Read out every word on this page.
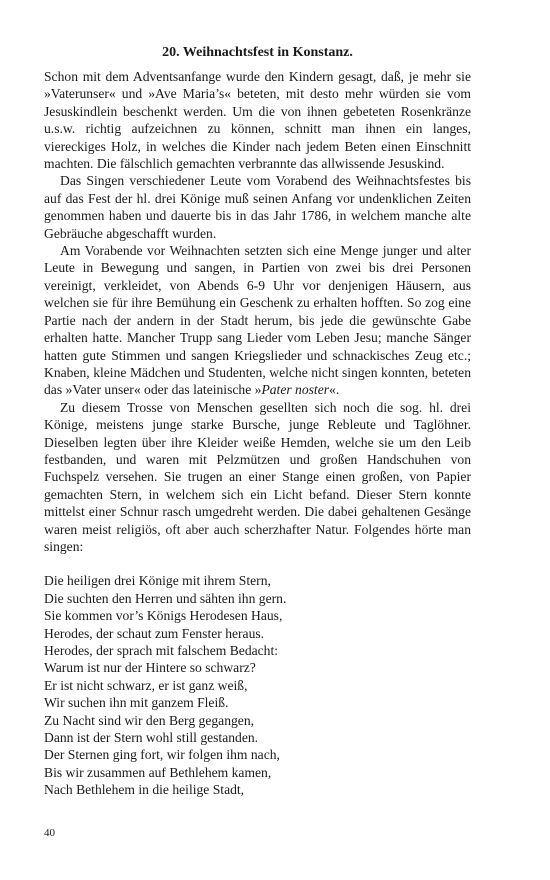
20. Weihnachtsfest in Konstanz.

Schon mit dem Adventsanfange wurde den Kindern gesagt, daß, je mehr sie »Vaterunser« und »Ave Maria’s« beteten, mit desto mehr würden sie vom Jesuskindlein beschenkt werden. Um die von ihnen gebeteten Rosenkränze u.s.w. richtig aufzeichnen zu können, schnitt man ihnen ein langes, viereckiges Holz, in welches die Kinder nach jedem Beten einen Einschnitt machten. Die fälschlich gemachten verbrannte das allwissende Jesuskind.

Das Singen verschiedener Leute vom Vorabend des Weihnachtsfestes bis auf das Fest der hl. drei Könige muß seinen Anfang vor undenklichen Zeiten genommen haben und dauerte bis in das Jahr 1786, in welchem manche alte Gebräuche abgeschafft wurden.

Am Vorabende vor Weihnachten setzten sich eine Menge junger und alter Leute in Bewegung und sangen, in Partien von zwei bis drei Personen vereinigt, verkleidet, von Abends 6-9 Uhr vor denjenigen Häusern, aus welchen sie für ihre Bemühung ein Geschenk zu erhalten hofften. So zog eine Partie nach der andern in der Stadt herum, bis jede die gewünschte Gabe erhalten hatte. Mancher Trupp sang Lieder vom Leben Jesu; manche Sänger hatten gute Stimmen und sangen Kriegslieder und schnackisches Zeug etc.; Knaben, kleine Mädchen und Studenten, welche nicht singen konnten, beteten das »Vater unser« oder das lateinische »Pater noster«.

Zu diesem Trosse von Menschen gesellten sich noch die sog. hl. drei Könige, meistens junge starke Bursche, junge Rebleute und Taglöhner. Dieselben legten über ihre Kleider weiße Hemden, welche sie um den Leib festbanden, und waren mit Pelzmützen und großen Handschuhen von Fuchspelz versehen. Sie trugen an einer Stange einen großen, von Papier gemachten Stern, in welchem sich ein Licht befand. Dieser Stern konnte mittelst einer Schnur rasch umgedreht werden. Die dabei gehaltenen Gesänge waren meist religiös, oft aber auch scherzhafter Natur. Folgendes hörte man singen:

Die heiligen drei Könige mit ihrem Stern,
Die suchten den Herren und sähten ihn gern.
Sie kommen vor’s Königs Herodesen Haus,
Herodes, der schaut zum Fenster heraus.
Herodes, der sprach mit falschem Bedacht:
Warum ist nur der Hintere so schwarz?
Er ist nicht schwarz, er ist ganz weiß,
Wir suchen ihn mit ganzem Fleiß.
Zu Nacht sind wir den Berg gegangen,
Dann ist der Stern wohl still gestanden.
Der Sternen ging fort, wir folgen ihm nach,
Bis wir zusammen auf Bethlehem kamen,
Nach Bethlehem in die heilige Stadt,
40
